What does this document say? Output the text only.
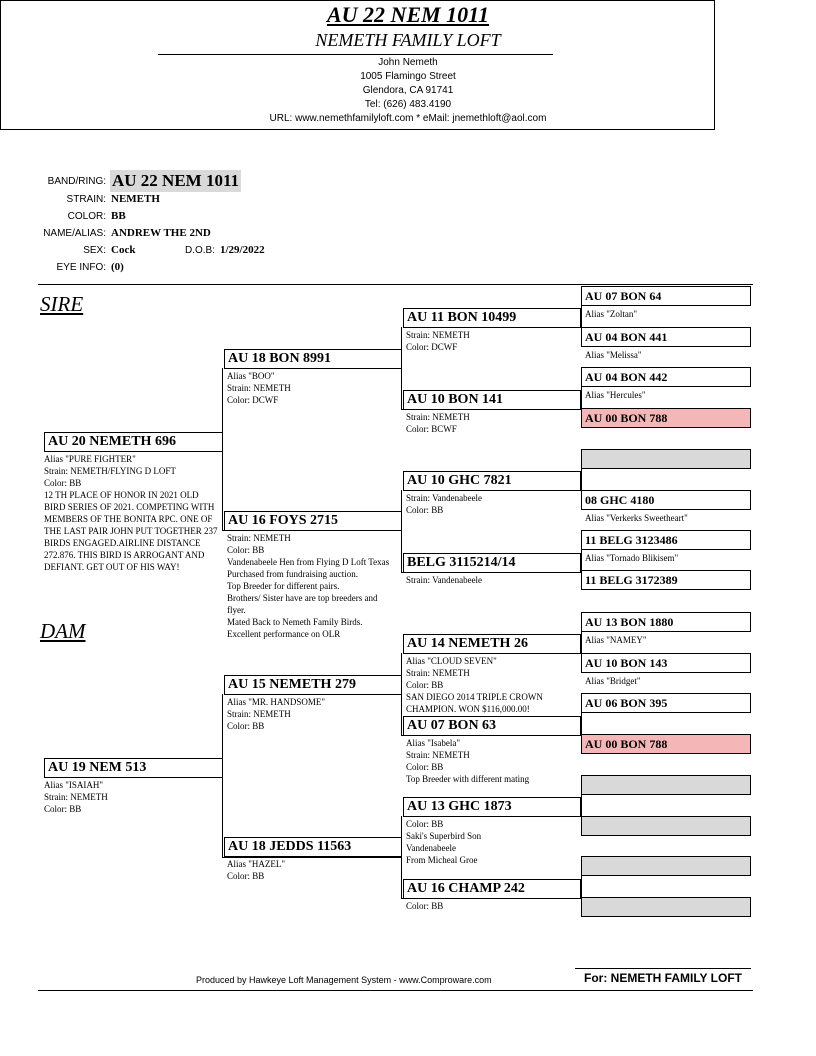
AU 22 NEM 1011
NEMETH FAMILY LOFT
John Nemeth
1005 Flamingo Street
Glendora, CA 91741
Tel: (626) 483.4190
URL: www.nemethfamilyloft.com * eMail: jnemethloft@aol.com
BAND/RING: AU 22 NEM 1011
STRAIN: NEMETH
COLOR: BB
NAME/ALIAS: ANDREW THE 2ND
SEX: Cock	D.O.B: 1/29/2022
EYE INFO: (0)
SIRE
DAM
AU 20 NEMETH 696
Alias "PURE FIGHTER"
Strain: NEMETH/FLYING D LOFT
Color: BB
12 TH PLACE OF HONOR IN 2021 OLD BIRD SERIES OF 2021. COMPETING WITH MEMBERS OF THE BONITA RPC. ONE OF THE LAST PAIR JOHN PUT TOGETHER 237 BIRDS ENGAGED.AIRLINE DISTANCE 272.876. THIS BIRD IS ARROGANT AND DEFIANT. GET OUT OF HIS WAY!
AU 19 NEM 513
Alias "ISAIAH"
Strain: NEMETH
Color: BB
AU 18 BON 8991
Alias "BOO"
Strain: NEMETH
Color: DCWF
AU 16 FOYS 2715
Strain: NEMETH
Color: BB
Vandenabeele Hen from Flying D Loft Texas
Purchased from fundraising auction.
Top Breeder for different pairs.
Brothers/ Sister have are top breeders and flyer.
Mated Back to Nemeth Family Birds.
Excellent performance on OLR
AU 15 NEMETH 279
Alias "MR. HANDSOME"
Strain: NEMETH
Color: BB
AU 18 JEDDS 11563
Alias "HAZEL"
Color: BB
AU 11 BON 10499
Strain: NEMETH
Color: DCWF
AU 10 BON 141
Strain: NEMETH
Color: BCWF
AU 10 GHC 7821
Strain: Vandenabeele
Color: BB
BELG 3115214/14
Strain: Vandenabeele
AU 14 NEMETH 26
Alias "CLOUD SEVEN"
Strain: NEMETH
Color: BB
SAN DIEGO 2014 TRIPLE CROWN CHAMPION. WON $116,000.00!
AU 07 BON 63
Alias "Isabela"
Strain: NEMETH
Color: BB
Top Breeder with different mating
AU 13 GHC 1873
Color: BB
Saki's Superbird Son
Vandenabeele
From Micheal Groe
AU 16 CHAMP 242
Color: BB
AU 07 BON 64
Alias "Zoltan"
AU 04 BON 441
Alias "Melissa"
AU 04 BON 442
Alias "Hercules"
AU 00 BON 788
08 GHC 4180
Alias "Verkerks Sweetheart"
11 BELG 3123486
Alias "Tornado Blikisem"
11 BELG 3172389
AU 13 BON 1880
Alias "NAMEY"
AU 10 BON 143
Alias "Bridget"
AU 06 BON 395
AU 00 BON 788
Produced by Hawkeye Loft Management System - www.Comproware.com	For: NEMETH FAMILY LOFT
